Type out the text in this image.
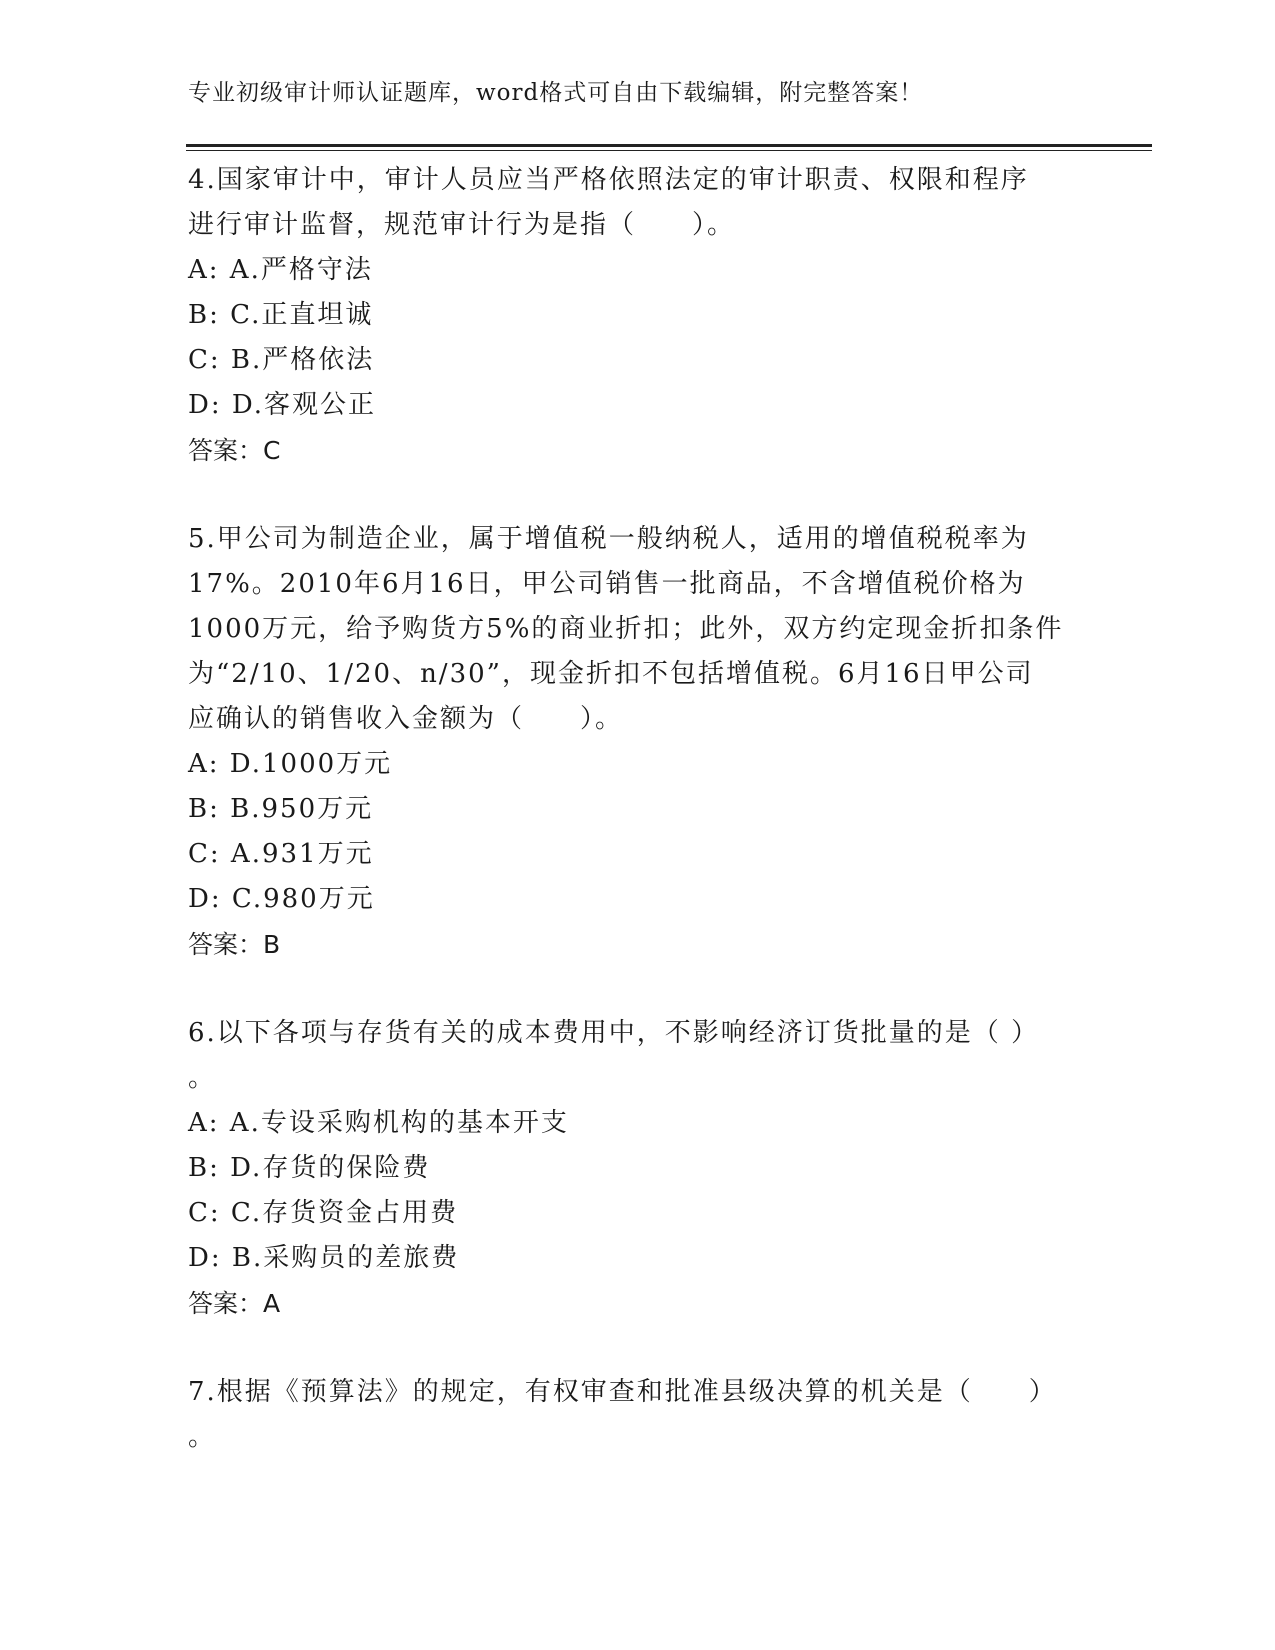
专业初级审计师认证题库，word格式可自由下载编辑，附完整答案！
4.国家审计中，审计人员应当严格依照法定的审计职责、权限和程序
进行审计监督，规范审计行为是指（　　）。
A: A.严格守法
B: C.正直坦诚
C: B.严格依法
D: D.客观公正
答案：C
5.甲公司为制造企业，属于增值税一般纳税人，适用的增值税税率为
17%。2010年6月16日，甲公司销售一批商品，不含增值税价格为
1000万元，给予购货方5%的商业折扣；此外，双方约定现金折扣条件
为“2/10、1/20、n/30”，现金折扣不包括增值税。6月16日甲公司
应确认的销售收入金额为（　　）。
A: D.1000万元
B: B.950万元
C: A.931万元
D: C.980万元
答案：B
6.以下各项与存货有关的成本费用中，不影响经济订货批量的是（ ）
。
A: A.专设采购机构的基本开支
B: D.存货的保险费
C: C.存货资金占用费
D: B.采购员的差旅费
答案：A
7.根据《预算法》的规定，有权审查和批准县级决算的机关是（　　）
。
